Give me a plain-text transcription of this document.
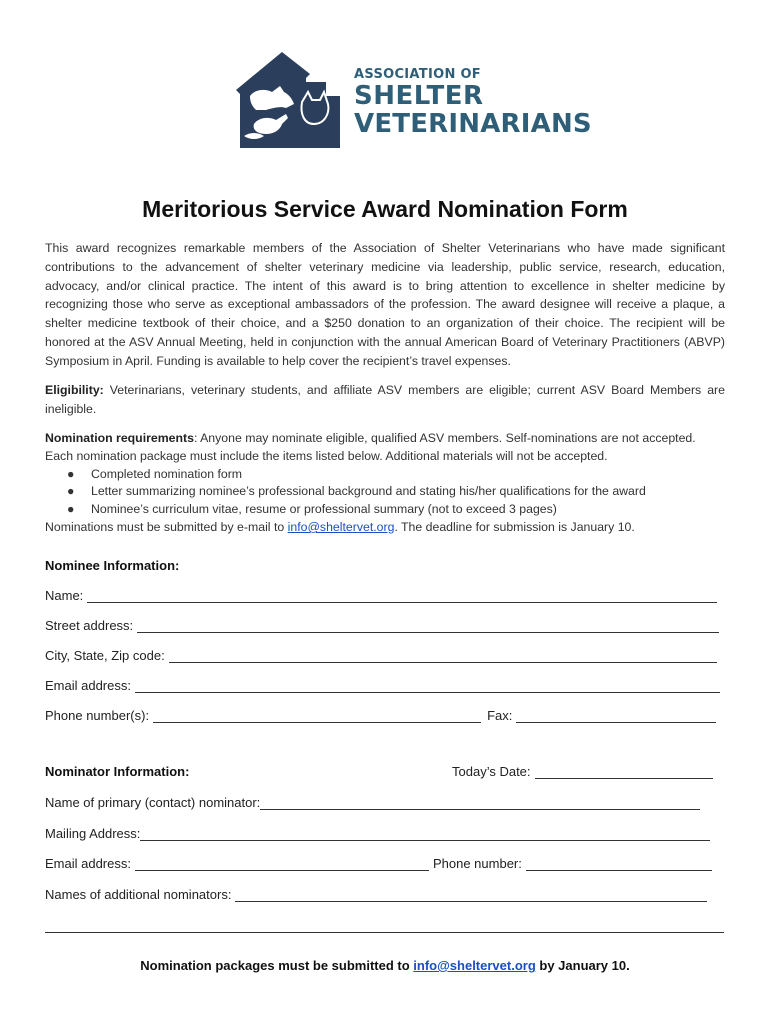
ASSOCIATION OF
SHELTER
VETERINARIANS
Meritorious Service Award Nomination Form
This award recognizes remarkable members of the Association of Shelter Veterinarians who have made significant contributions to the advancement of shelter veterinary medicine via leadership, public service, research, education, advocacy, and/or clinical practice. The intent of this award is to bring attention to excellence in shelter medicine by recognizing those who serve as exceptional ambassadors of the profession. The award designee will receive a plaque, a shelter medicine textbook of their choice, and a $250 donation to an organization of their choice. The recipient will be honored at the ASV Annual Meeting, held in conjunction with the annual American Board of Veterinary Practitioners (ABVP) Symposium in April. Funding is available to help cover the recipient’s travel expenses.
Eligibility: Veterinarians, veterinary students, and affiliate ASV members are eligible; current ASV Board Members are ineligible.
Nomination requirements: Anyone may nominate eligible, qualified ASV members. Self-nominations are not accepted. Each nomination package must include the items listed below. Additional materials will not be accepted.
● Completed nomination form
● Letter summarizing nominee’s professional background and stating his/her qualifications for the award
● Nominee’s curriculum vitae, resume or professional summary (not to exceed 3 pages)
Nominations must be submitted by e-mail to info@sheltervet.org. The deadline for submission is January 10.
Nominee Information:
Name:
Street address:
City, State, Zip code:
Email address:
Phone number(s):	Fax:
Nominator Information:	Today’s Date:
Name of primary (contact) nominator:
Mailing Address:
Email address:	Phone number:
Names of additional nominators:
Nomination packages must be submitted to info@sheltervet.org by January 10.
